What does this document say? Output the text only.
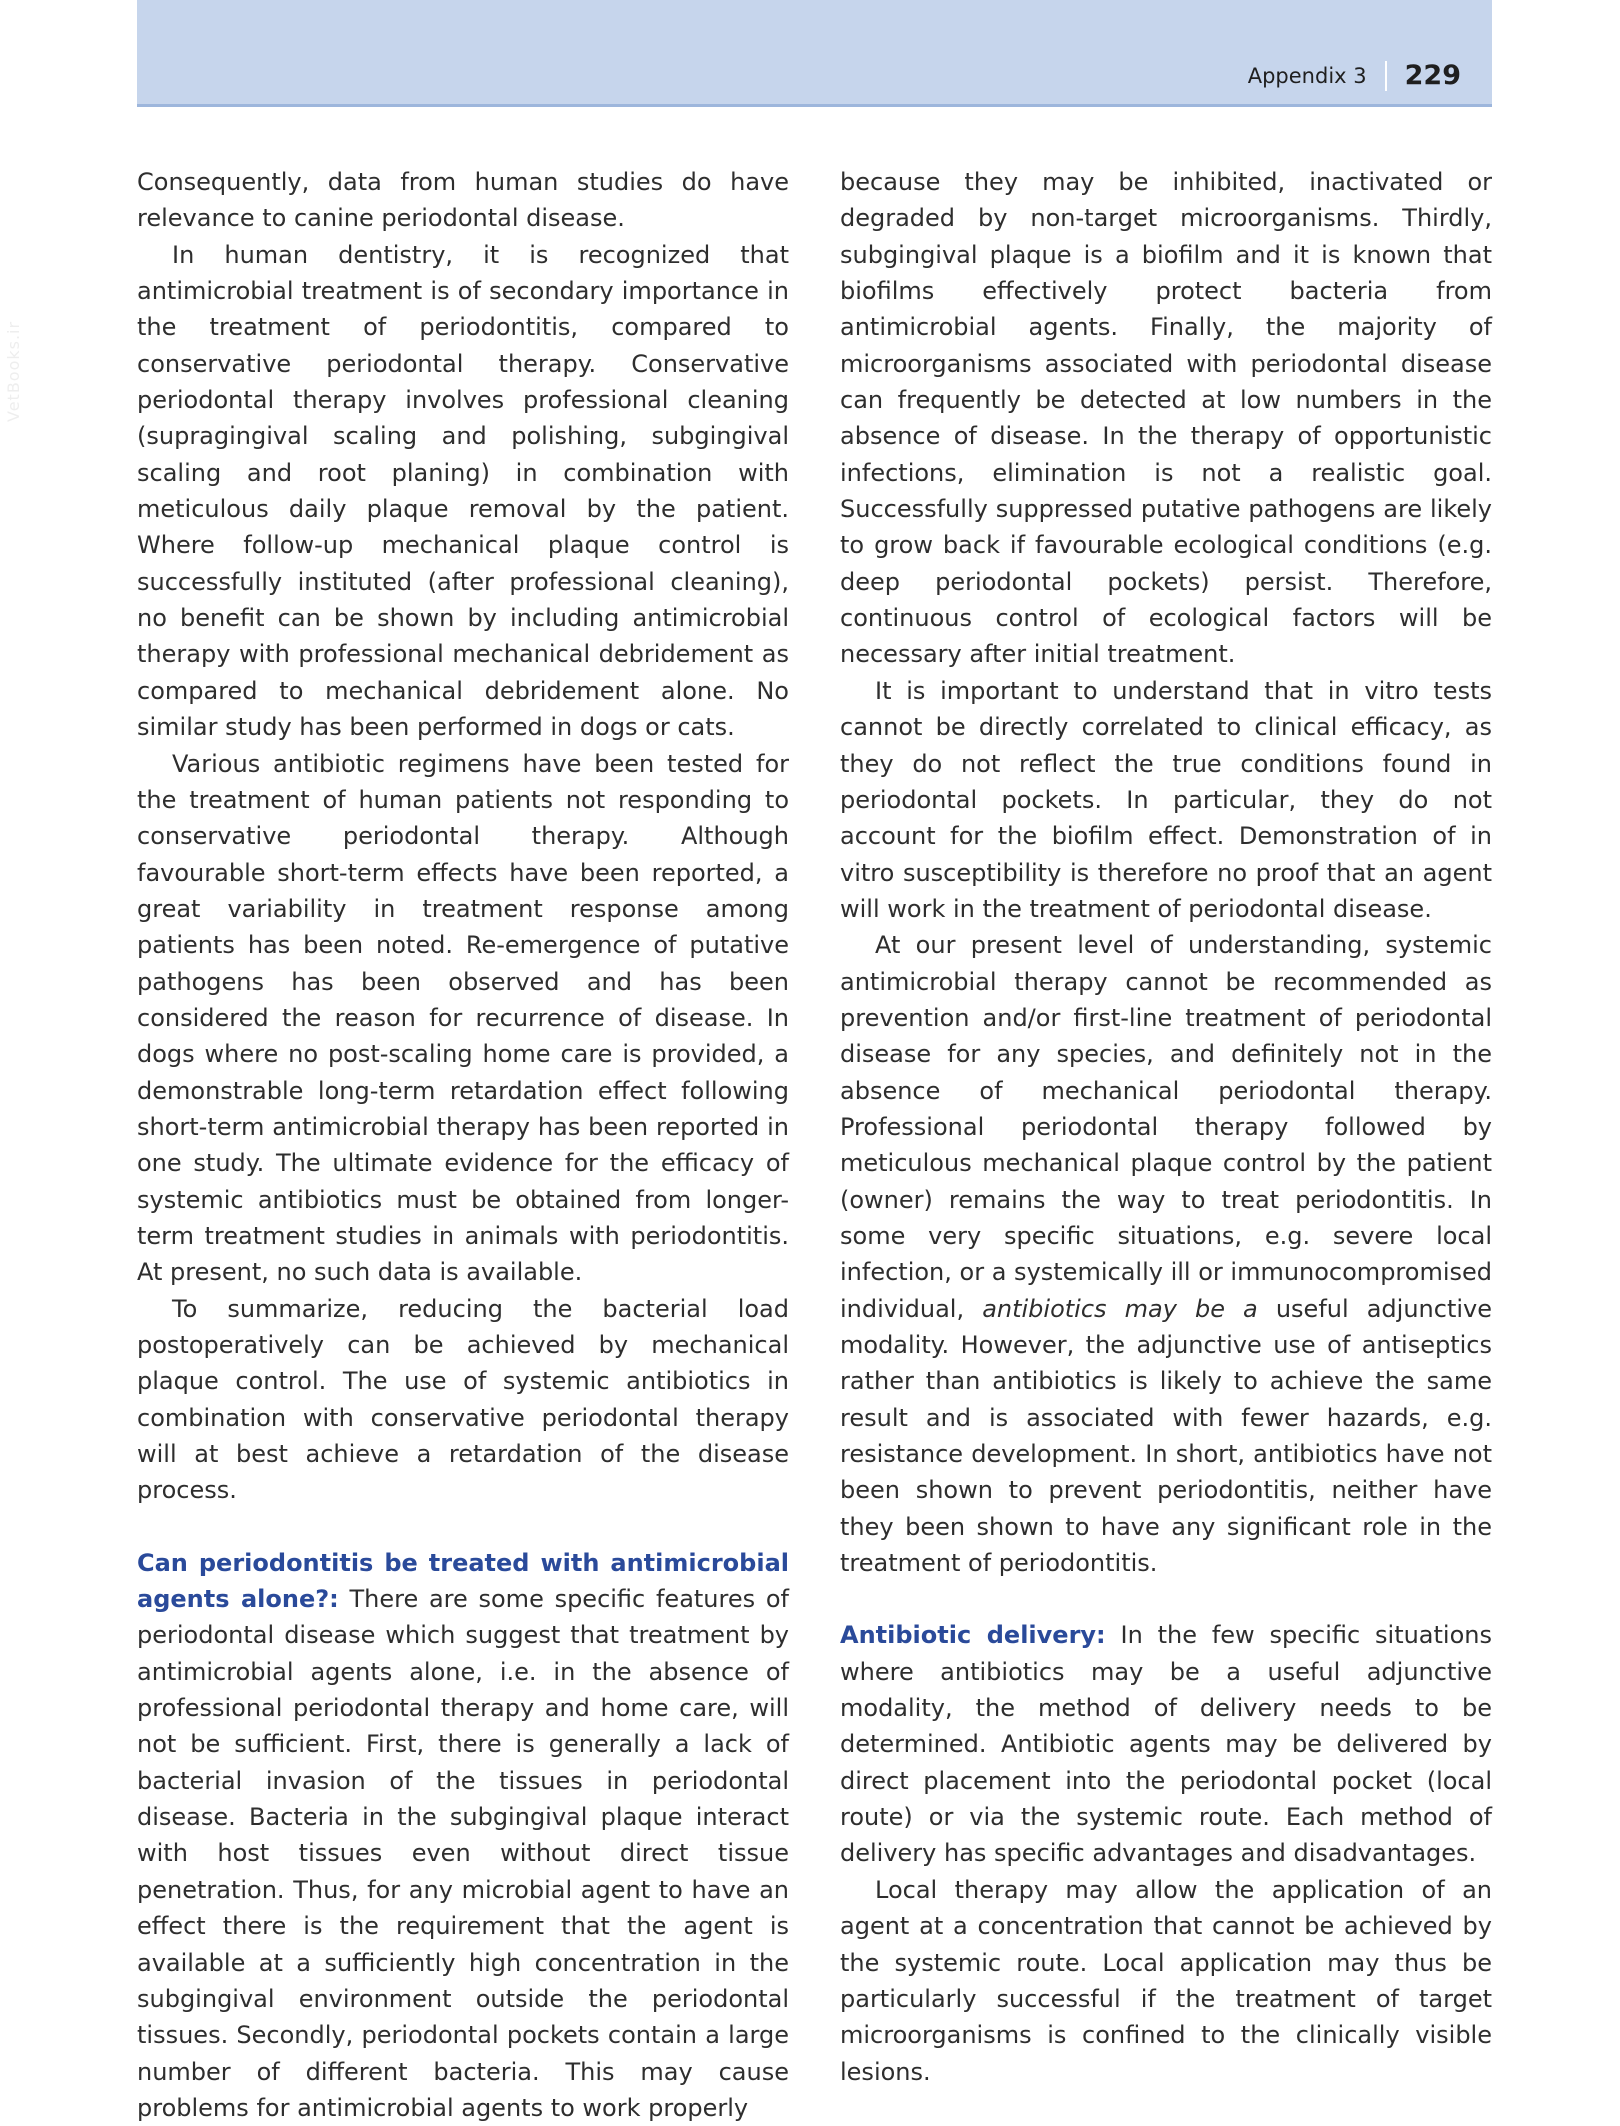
Appendix 3 229
VetBooks.ir

Consequently, data from human studies do have relevance to canine periodontal disease.

In human dentistry, it is recognized that antimicrobial treatment is of secondary importance in the treatment of periodontitis, compared to conservative periodontal therapy. Conservative periodontal therapy involves professional cleaning (supragingival scaling and polishing, subgingival scaling and root planing) in combination with meticulous daily plaque removal by the patient. Where follow-up mechanical plaque control is successfully instituted (after professional cleaning), no benefit can be shown by including antimicrobial therapy with professional mechanical debridement as compared to mechanical debridement alone. No similar study has been performed in dogs or cats.

Various antibiotic regimens have been tested for the treatment of human patients not responding to conservative periodontal therapy. Although favourable short-term effects have been reported, a great variability in treatment response among patients has been noted. Re-emergence of putative pathogens has been observed and has been considered the reason for recurrence of disease. In dogs where no post-scaling home care is provided, a demonstrable long-term retardation effect following short-term antimicrobial therapy has been reported in one study. The ultimate evidence for the efficacy of systemic antibiotics must be obtained from longer-term treatment studies in animals with periodontitis. At present, no such data is available.

To summarize, reducing the bacterial load postoperatively can be achieved by mechanical plaque control. The use of systemic antibiotics in combination with conservative periodontal therapy will at best achieve a retardation of the disease process.

Can periodontitis be treated with antimicrobial agents alone?: There are some specific features of periodontal disease which suggest that treatment by antimicrobial agents alone, i.e. in the absence of professional periodontal therapy and home care, will not be sufficient. First, there is generally a lack of bacterial invasion of the tissues in periodontal disease. Bacteria in the subgingival plaque interact with host tissues even without direct tissue penetration. Thus, for any microbial agent to have an effect there is the requirement that the agent is available at a sufficiently high concentration in the subgingival environment outside the periodontal tissues. Secondly, periodontal pockets contain a large number of different bacteria. This may cause problems for antimicrobial agents to work properly

because they may be inhibited, inactivated or degraded by non-target microorganisms. Thirdly, subgingival plaque is a biofilm and it is known that biofilms effectively protect bacteria from antimicrobial agents. Finally, the majority of microorganisms associated with periodontal disease can frequently be detected at low numbers in the absence of disease. In the therapy of opportunistic infections, elimination is not a realistic goal. Successfully suppressed putative pathogens are likely to grow back if favourable ecological conditions (e.g. deep periodontal pockets) persist. Therefore, continuous control of ecological factors will be necessary after initial treatment.

It is important to understand that in vitro tests cannot be directly correlated to clinical efficacy, as they do not reflect the true conditions found in periodontal pockets. In particular, they do not account for the biofilm effect. Demonstration of in vitro susceptibility is therefore no proof that an agent will work in the treatment of periodontal disease.

At our present level of understanding, systemic antimicrobial therapy cannot be recommended as prevention and/or first-line treatment of periodontal disease for any species, and definitely not in the absence of mechanical periodontal therapy. Professional periodontal therapy followed by meticulous mechanical plaque control by the patient (owner) remains the way to treat periodontitis. In some very specific situations, e.g. severe local infection, or a systemically ill or immunocompromised individual, antibiotics may be a useful adjunctive modality. However, the adjunctive use of antiseptics rather than antibiotics is likely to achieve the same result and is associated with fewer hazards, e.g. resistance development. In short, antibiotics have not been shown to prevent periodontitis, neither have they been shown to have any significant role in the treatment of periodontitis.

Antibiotic delivery: In the few specific situations where antibiotics may be a useful adjunctive modality, the method of delivery needs to be determined. Antibiotic agents may be delivered by direct placement into the periodontal pocket (local route) or via the systemic route. Each method of delivery has specific advantages and disadvantages.

Local therapy may allow the application of an agent at a concentration that cannot be achieved by the systemic route. Local application may thus be particularly successful if the treatment of target microorganisms is confined to the clinically visible lesions.
